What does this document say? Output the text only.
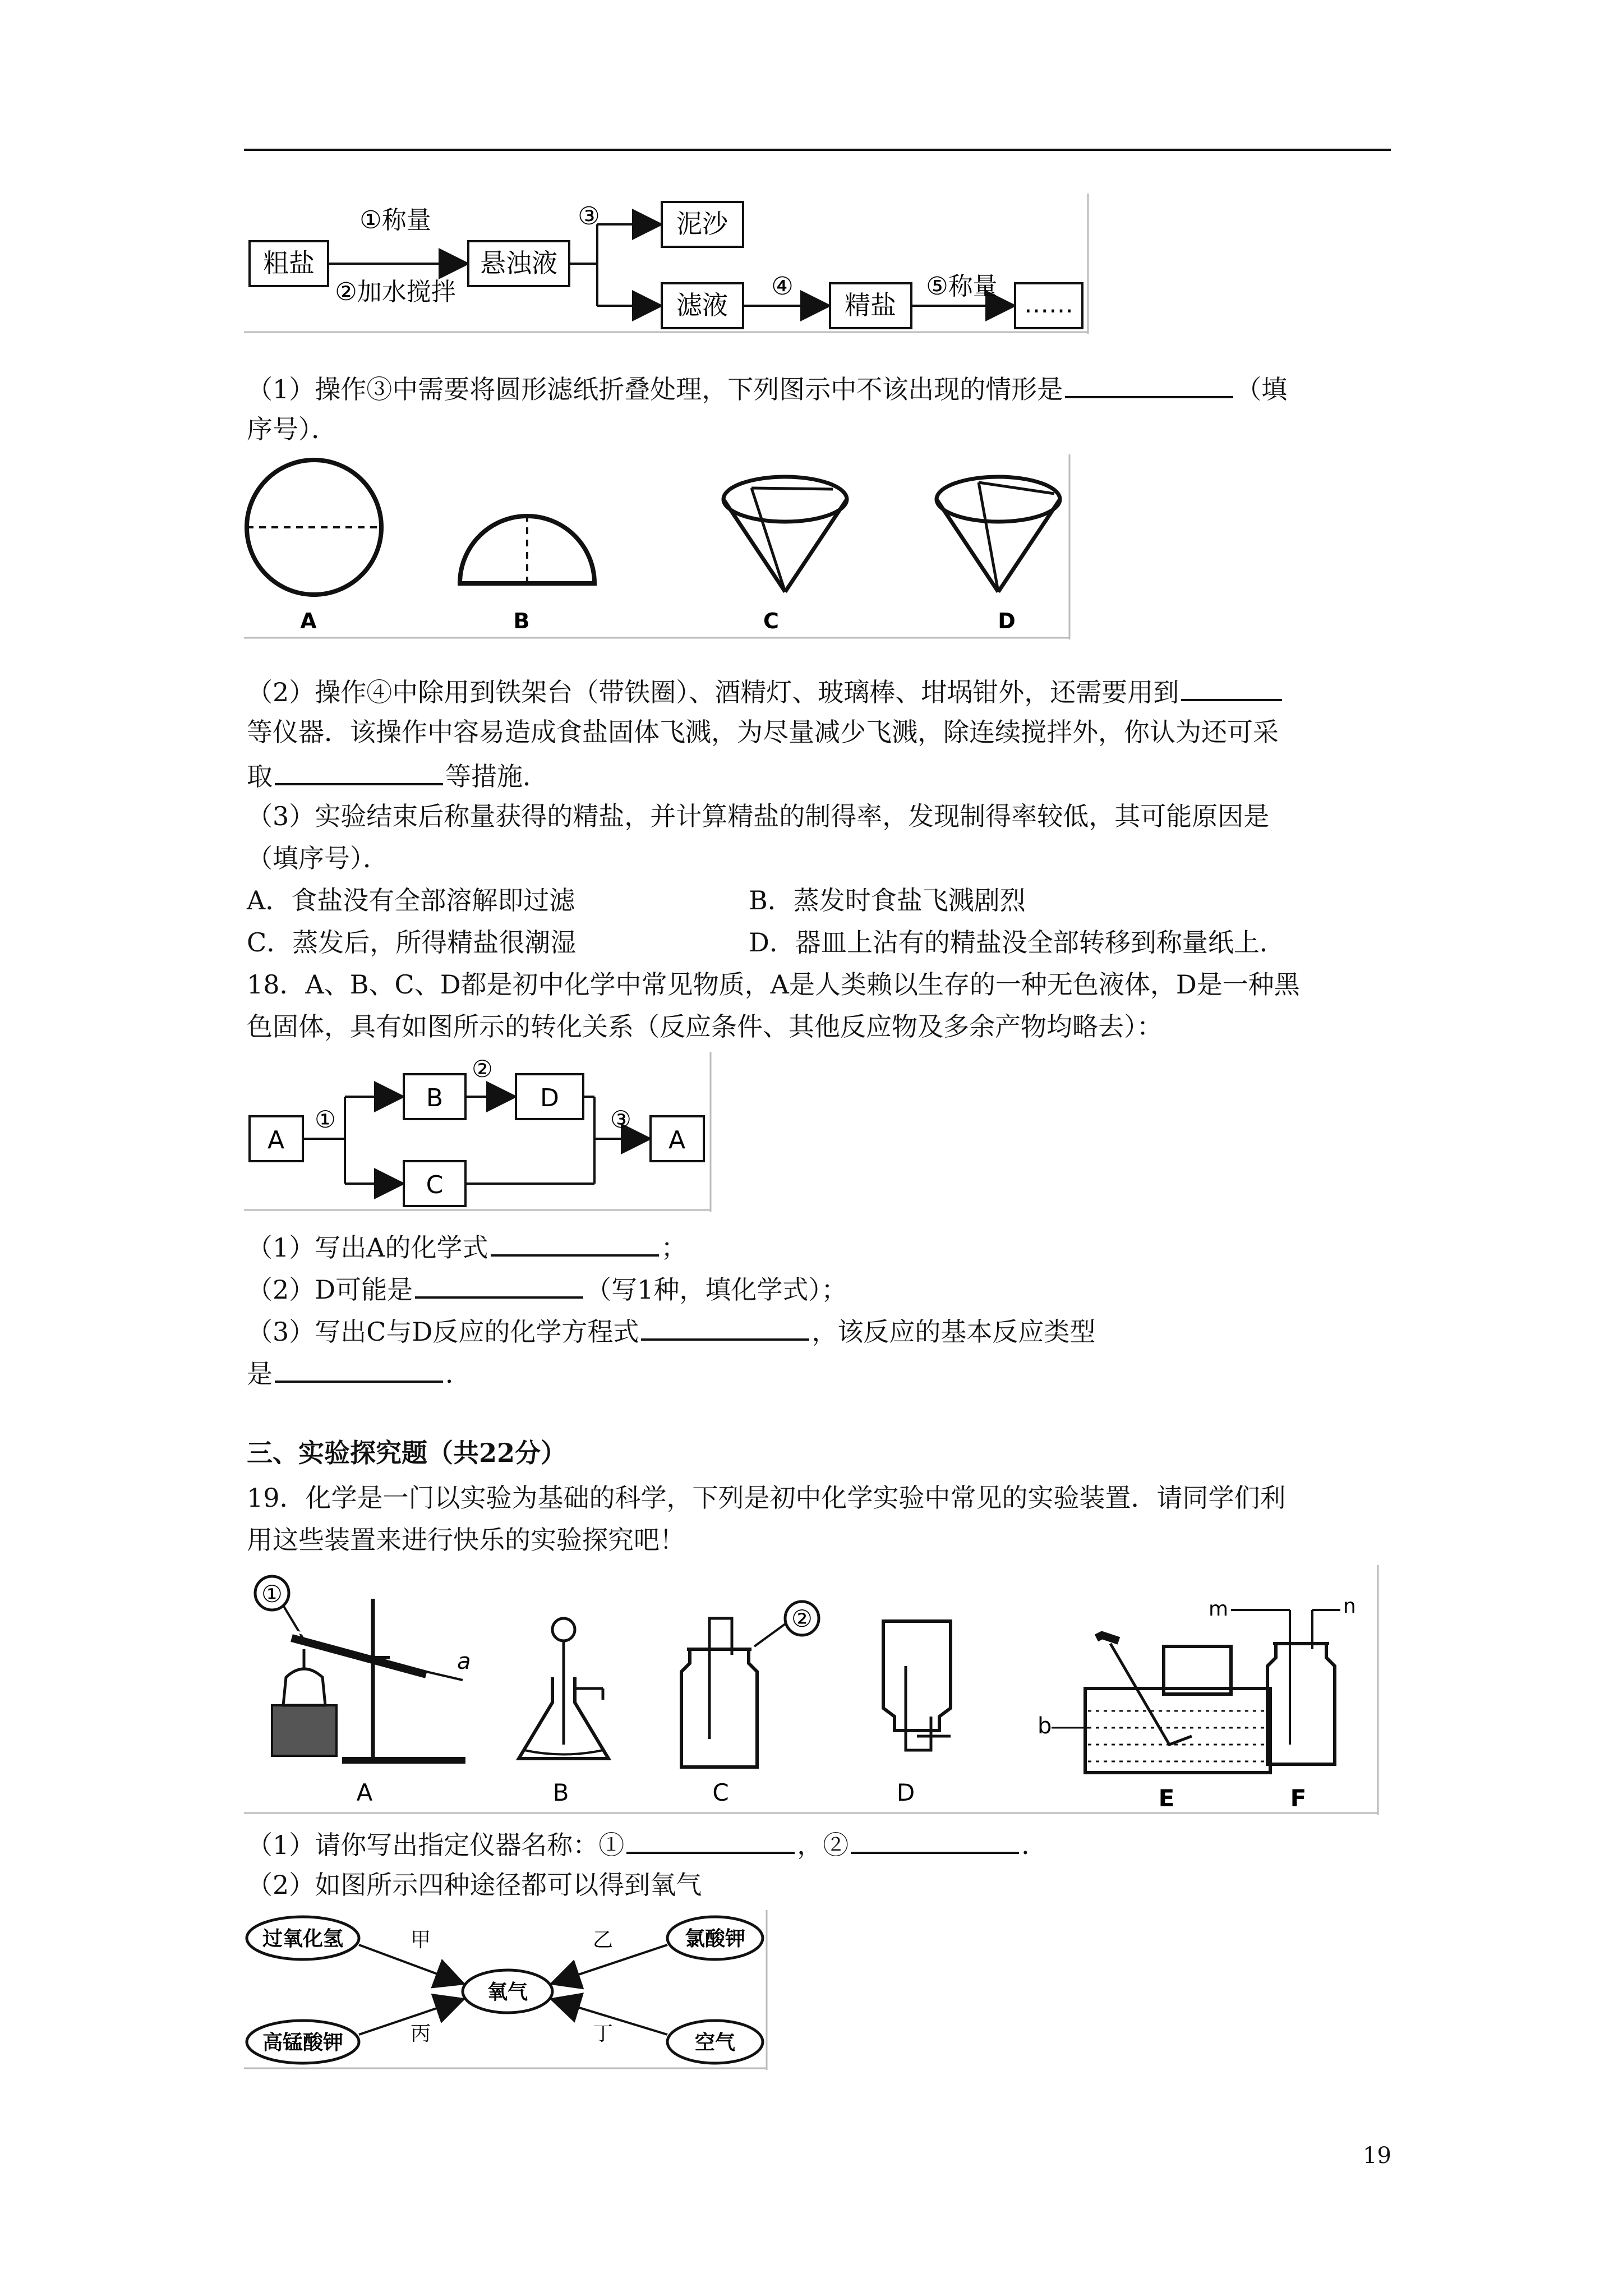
粗盐
①称量
②加水搅拌
悬浊液
③	泥沙
滤液
④
精盐
⑤称量
……
（1）操作③中需要将圆形滤纸折叠处理，下列图示中不该出现的情形是	（填
序号）．
A	B	C	D
（2）操作④中除用到铁架台（带铁圈）、酒精灯、玻璃棒、坩埚钳外，还需要用到
等仪器．该操作中容易造成食盐固体飞溅，为尽量减少飞溅，除连续搅拌外，你认为还可采
取	等措施．
（3）实验结束后称量获得的精盐，并计算精盐的制得率，发现制得率较低，其可能原因是
（填序号）．
A．食盐没有全部溶解即过滤	B．蒸发时食盐飞溅剧烈
C．蒸发后，所得精盐很潮湿	D．器皿上沾有的精盐没全部转移到称量纸上．
18．A、B、C、D都是初中化学中常见物质，A是人类赖以生存的一种无色液体，D是一种黑
色固体，具有如图所示的转化关系（反应条件、其他反应物及多余产物均略去）：
A
①
B
②
D
C
③
A
（1）写出A的化学式	；
（2）D可能是	（写1种，填化学式）；
（3）写出C与D反应的化学方程式	，该反应的基本反应类型
是	．
三、实验探究题（共22分）
19．化学是一门以实验为基础的科学，下列是初中化学实验中常见的实验装置．请同学们利
用这些装置来进行快乐的实验探究吧！
①
a
②
b
m	n
A	B	C	D	E	F
（1）请你写出指定仪器名称：①	，②	．
（2）如图所示四种途径都可以得到氧气
过氧化氢	氯酸钾
高锰酸钾	空气
氧气
甲	乙
丙	丁
19
